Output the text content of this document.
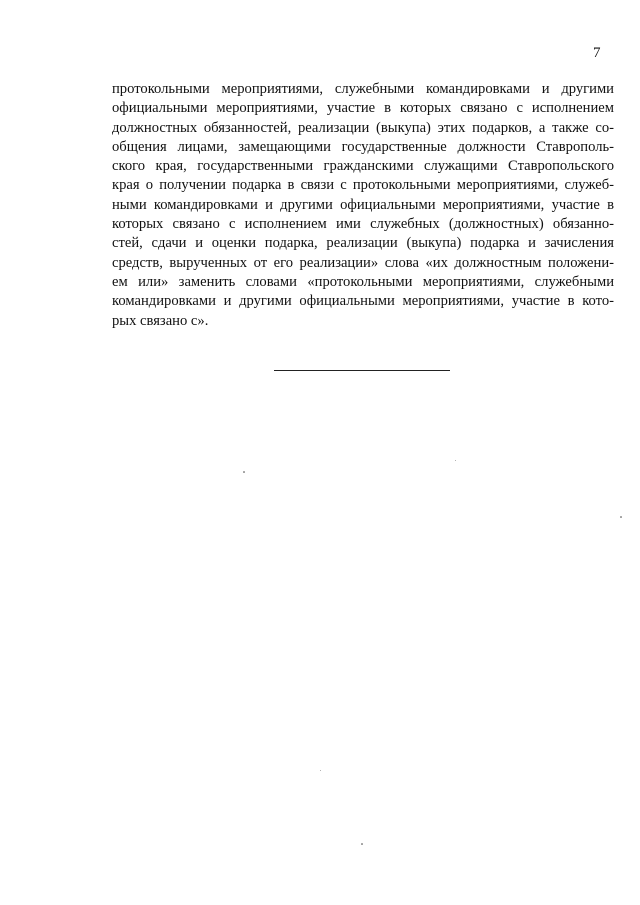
7
протокольными мероприятиями, служебными командировками и другими
официальными мероприятиями, участие в которых связано с исполнением
должностных обязанностей, реализации (выкупа) этих подарков, а также со-
общения лицами, замещающими государственные должности Ставрополь-
ского края, государственными гражданскими служащими Ставропольского
края о получении подарка в связи с протокольными мероприятиями, служеб-
ными командировками и другими официальными мероприятиями, участие в
которых связано с исполнением ими служебных (должностных) обязанно-
стей, сдачи и оценки подарка, реализации (выкупа) подарка и зачисления
средств, вырученных от его реализации» слова «их должностным положени-
ем или» заменить словами «протокольными мероприятиями, служебными
командировками и другими официальными мероприятиями, участие в кото-
рых связано с».
